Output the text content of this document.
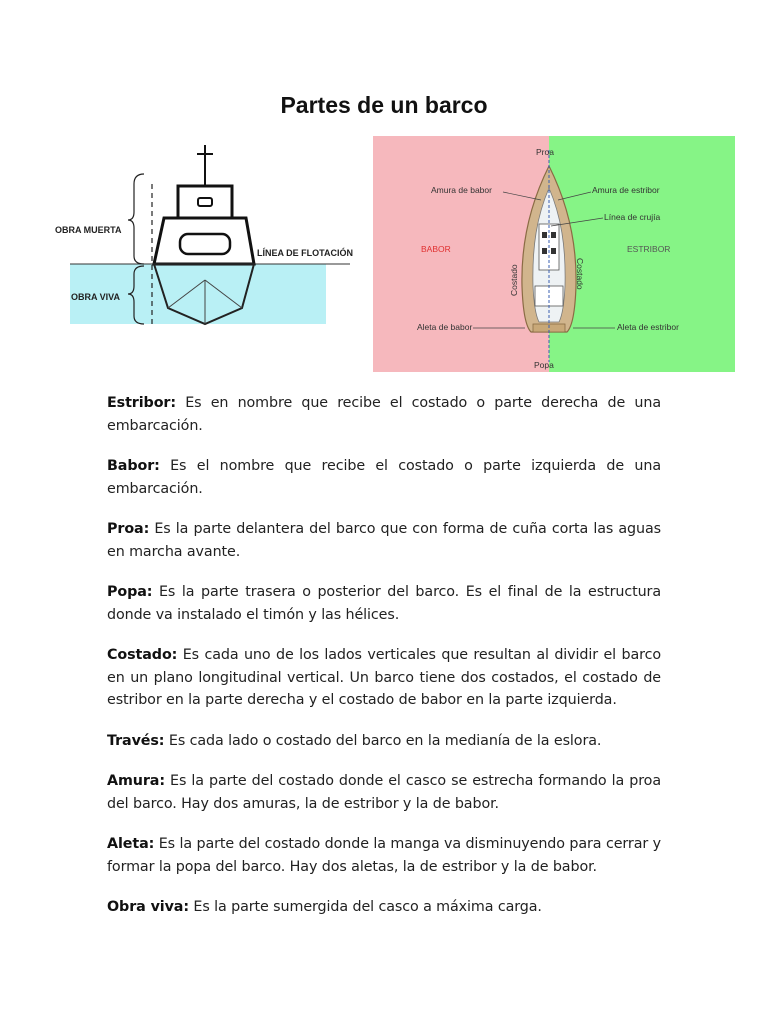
Partes de un barco
OBRA MUERTA
LÍNEA DE FLOTACIÓN
OBRA VIVA
Proa
Amura de babor	Amura de estribor
Línea de crujía
BABOR	ESTRIBOR
Costado	Costado
Aleta de babor	Aleta de estribor
Popa

Estribor: Es en nombre que recibe el costado o parte derecha de una embarcación.

Babor: Es el nombre que recibe el costado o parte izquierda de una embarcación.

Proa: Es la parte delantera del barco que con forma de cuña corta las aguas en marcha avante.

Popa: Es la parte trasera o posterior del barco. Es el final de la estructura donde va instalado el timón y las hélices.

Costado: Es cada uno de los lados verticales que resultan al dividir el barco en un plano longitudinal vertical. Un barco tiene dos costados, el costado de estribor en la parte derecha y el costado de babor en la parte izquierda.

Través: Es cada lado o costado del barco en la medianía de la eslora.

Amura: Es la parte del costado donde el casco se estrecha formando la proa del barco. Hay dos amuras, la de estribor y la de babor.

Aleta: Es la parte del costado donde la manga va disminuyendo para cerrar y formar la popa del barco. Hay dos aletas, la de estribor y la de babor.

Obra viva: Es la parte sumergida del casco a máxima carga.
